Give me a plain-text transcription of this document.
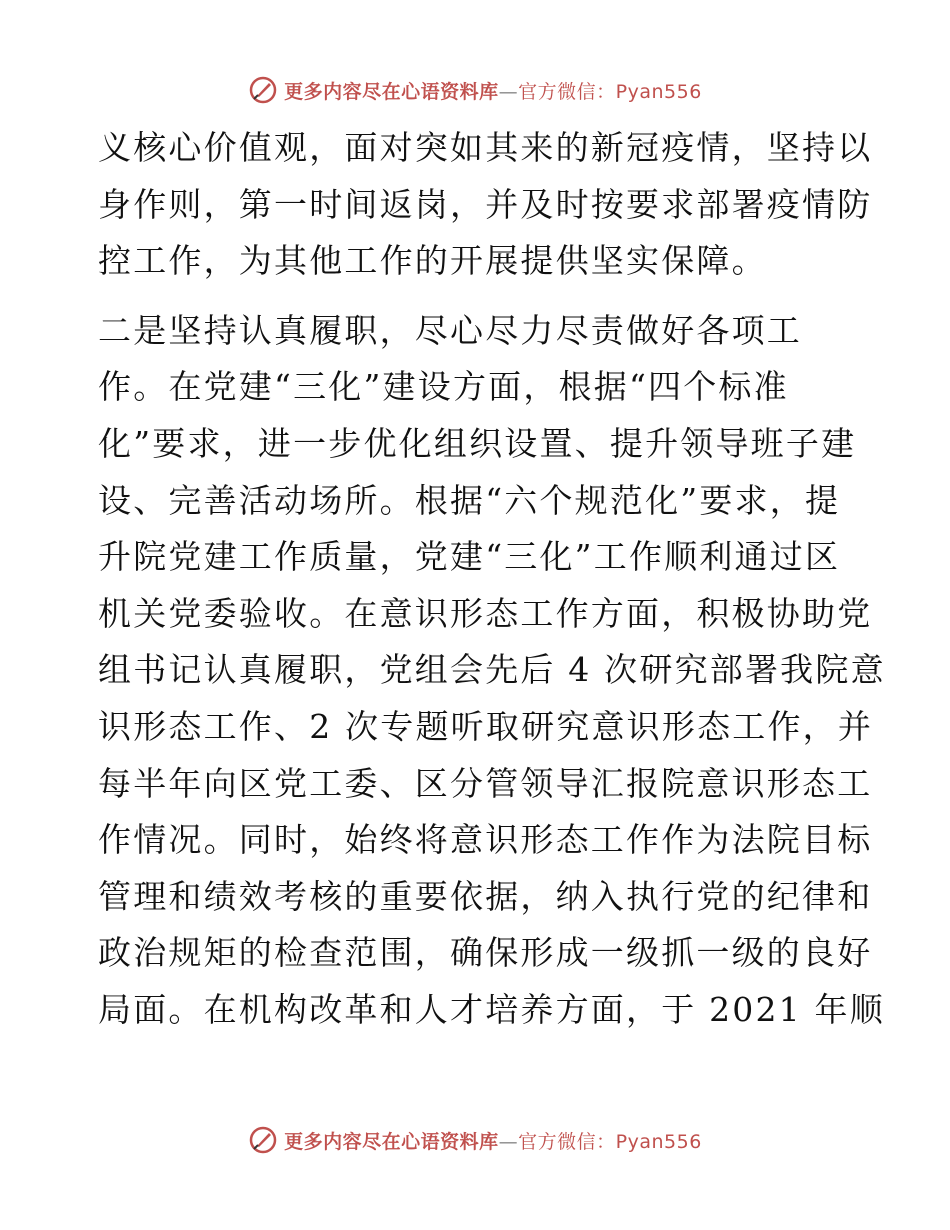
更多内容尽在心语资料库—官方微信：Pyan556
义核心价值观，面对突如其来的新冠疫情，坚持以
身作则，第一时间返岗，并及时按要求部署疫情防
控工作，为其他工作的开展提供坚实保障。
二是坚持认真履职，尽心尽力尽责做好各项工
作。在党建“三化”建设方面，根据“四个标准
化”要求，进一步优化组织设置、提升领导班子建
设、完善活动场所。根据“六个规范化”要求，提
升院党建工作质量，党建“三化”工作顺利通过区
机关党委验收。在意识形态工作方面，积极协助党
组书记认真履职，党组会先后 4 次研究部署我院意
识形态工作、2 次专题听取研究意识形态工作，并
每半年向区党工委、区分管领导汇报院意识形态工
作情况。同时，始终将意识形态工作作为法院目标
管理和绩效考核的重要依据，纳入执行党的纪律和
政治规矩的检查范围，确保形成一级抓一级的良好
局面。在机构改革和人才培养方面，于 2021 年顺
更多内容尽在心语资料库—官方微信：Pyan556
